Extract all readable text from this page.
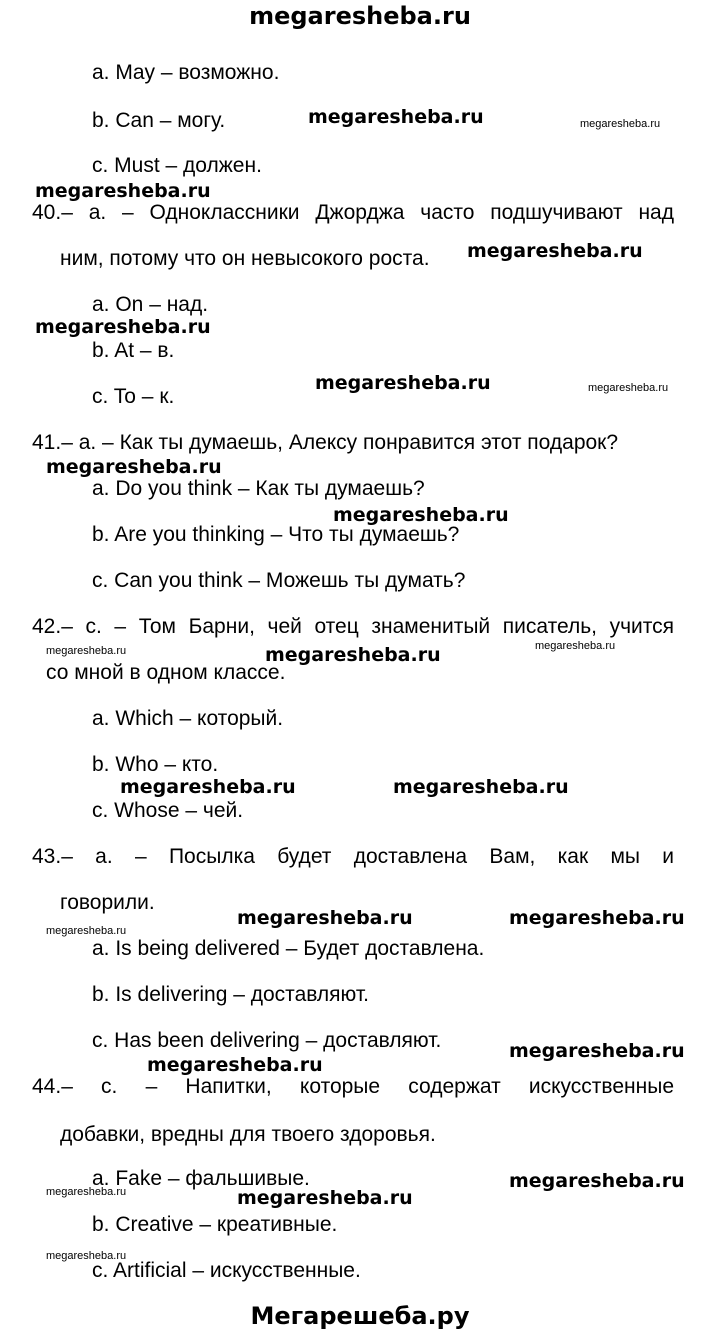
megaresheba.ru
a. May – возможно.
b. Can – могу.
c. Must – должен.
40.– a. – Одноклассники Джорджа часто подшучивают над
ним, потому что он невысокого роста.
a. On – над.
b. At – в.
c. To – к.
41.– a. – Как ты думаешь, Алексу понравится этот подарок?
a. Do you think – Как ты думаешь?
b. Are you thinking – Что ты думаешь?
c. Can you think – Можешь ты думать?
42.– c. – Том Барни, чей отец знаменитый писатель, учится
со мной в одном классе.
a. Which – который.
b. Who – кто.
c. Whose – чей.
43.– a. – Посылка будет доставлена Вам, как мы и
говорили.
a. Is being delivered – Будет доставлена.
b. Is delivering – доставляют.
c. Has been delivering – доставляют.
44.– c. – Напитки, которые содержат искусственные
добавки, вредны для твоего здоровья.
a. Fake – фальшивые.
b. Creative – креативные.
c. Artificial – искусственные.
megaresheba.ru
megaresheba.ru
megaresheba.ru
megaresheba.ru
megaresheba.ru
megaresheba.ru
megaresheba.ru
megaresheba.ru
megaresheba.ru	megaresheba.ru
megaresheba.ru	megaresheba.ru
megaresheba.ru
megaresheba.ru
megaresheba.ru
megaresheba.ru
megaresheba.ru
megaresheba.ru
megaresheba.ru	megaresheba.ru
megaresheba.ru
megaresheba.ru
megaresheba.ru
Мегарешеба.ру
